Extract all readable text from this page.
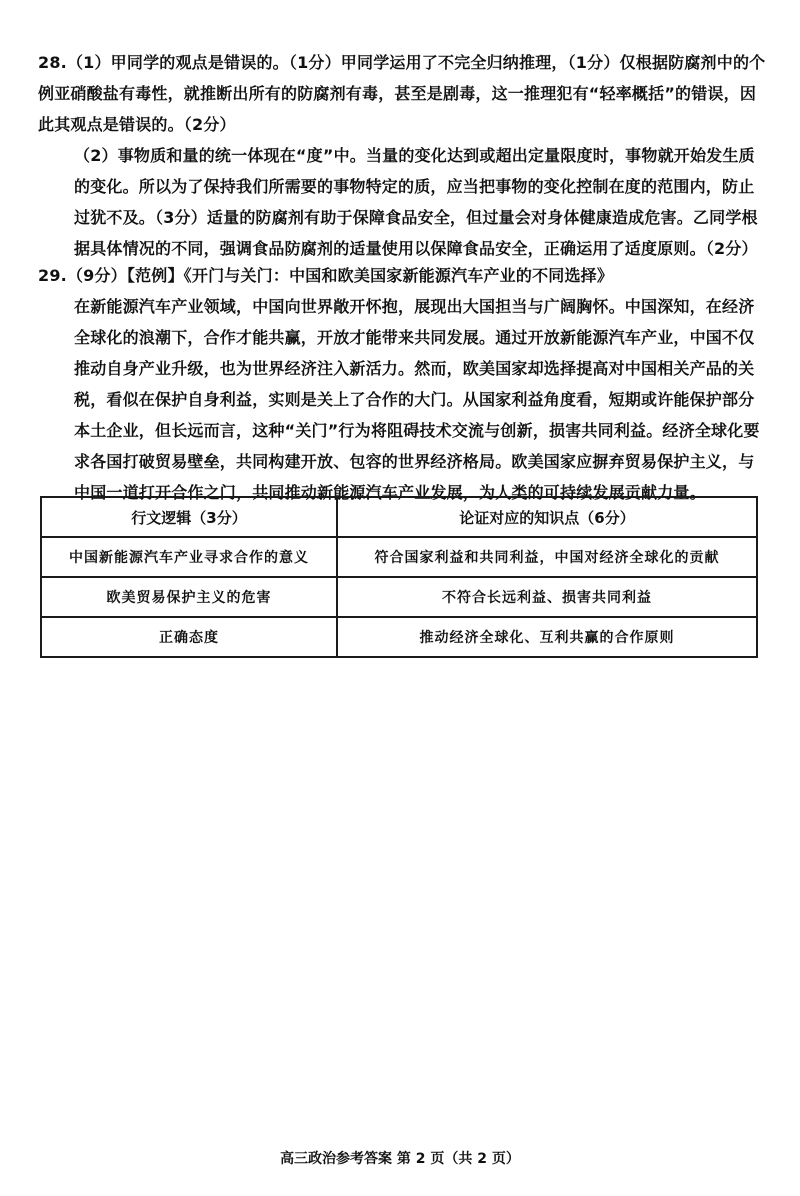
28.（1）甲同学的观点是错误的。（1分）甲同学运用了不完全归纳推理，（1分）仅根据防腐剂中的个例亚硝酸盐有毒性，就推断出所有的防腐剂有毒，甚至是剧毒，这一推理犯有“轻率概括”的错误，因此其观点是错误的。（2分）

（2）事物质和量的统一体现在“度”中。当量的变化达到或超出定量限度时，事物就开始发生质的变化。所以为了保持我们所需要的事物特定的质，应当把事物的变化控制在度的范围内，防止过犹不及。（3分）适量的防腐剂有助于保障食品安全，但过量会对身体健康造成危害。乙同学根据具体情况的不同，强调食品防腐剂的适量使用以保障食品安全，正确运用了适度原则。（2分）

29.（9分）【范例】《开门与关门：中国和欧美国家新能源汽车产业的不同选择》

在新能源汽车产业领域，中国向世界敞开怀抱，展现出大国担当与广阔胸怀。中国深知，在经济全球化的浪潮下，合作才能共赢，开放才能带来共同发展。通过开放新能源汽车产业，中国不仅推动自身产业升级，也为世界经济注入新活力。然而，欧美国家却选择提高对中国相关产品的关税，看似在保护自身利益，实则是关上了合作的大门。从国家利益角度看，短期或许能保护部分本土企业，但长远而言，这种“关门”行为将阻碍技术交流与创新，损害共同利益。经济全球化要求各国打破贸易壁垒，共同构建开放、包容的世界经济格局。欧美国家应摒弃贸易保护主义，与中国一道打开合作之门，共同推动新能源汽车产业发展，为人类的可持续发展贡献力量。

行文逻辑（3分）	论证对应的知识点（6分）
中国新能源汽车产业寻求合作的意义	符合国家利益和共同利益，中国对经济全球化的贡献
欧美贸易保护主义的危害	不符合长远利益、损害共同利益
正确态度	推动经济全球化、互利共赢的合作原则
高三政治参考答案 第 2 页（共 2 页）
